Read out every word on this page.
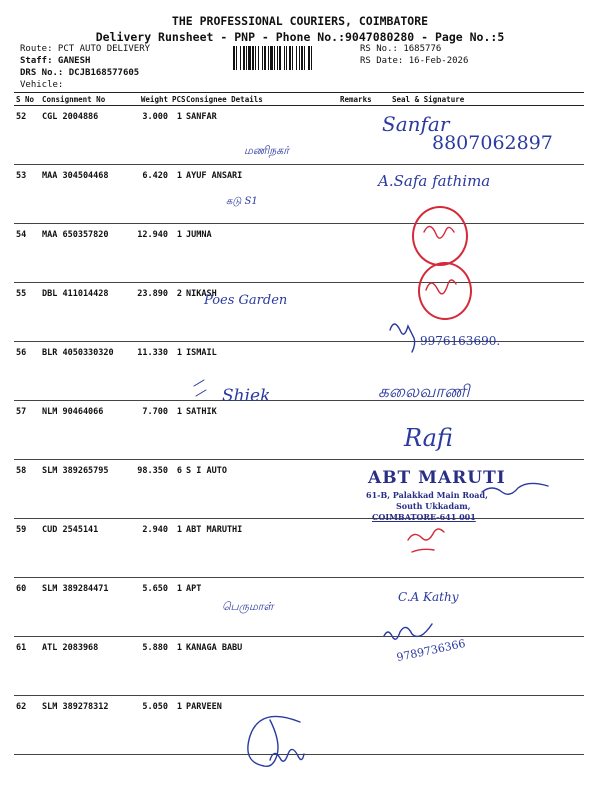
THE PROFESSIONAL COURIERS, COIMBATORE
Delivery Runsheet - PNP - Phone No.:9047080280 - Page No.:5
Route: PCT AUTO DELIVERY
Staff: GANESH
DRS No.: DCJB168577605
Vehicle:
RS No.: 1685776
RS Date: 16-Feb-2026
S No	Consignment No	Weight	PCS	Consignee Details	Remarks	Seal & Signature
52	CGL 2004886	3.000	1	SANFAR		
53	MAA 304504468	6.420	1	AYUF ANSARI		
54	MAA 650357820	12.940	1	JUMNA		
55	DBL 411014428	23.890	2	NIKASH		
56	BLR 4050330320	11.330	1	ISMAIL		
57	NLM 90464066	7.700	1	SATHIK		
58	SLM 389265795	98.350	6	S I AUTO		
59	CUD 2545141	2.940	1	ABT MARUTHI		
60	SLM 389284471	5.650	1	APT		
61	ATL 2083968	5.880	1	KANAGA BABU		
62	SLM 389278312	5.050	1	PARVEEN		
Sanfar
8807062897
மணிநகர்
A.Safa fathima
கடு S1
Poes Garden
9976163690.
Shiek	கலைவாணி
Rafi
C.A Kathy
பெருமாள்
9789736366
ABT MARUTI
61-B, Palakkad Main Road,
South Ukkadam,
COIMBATORE-641 001
